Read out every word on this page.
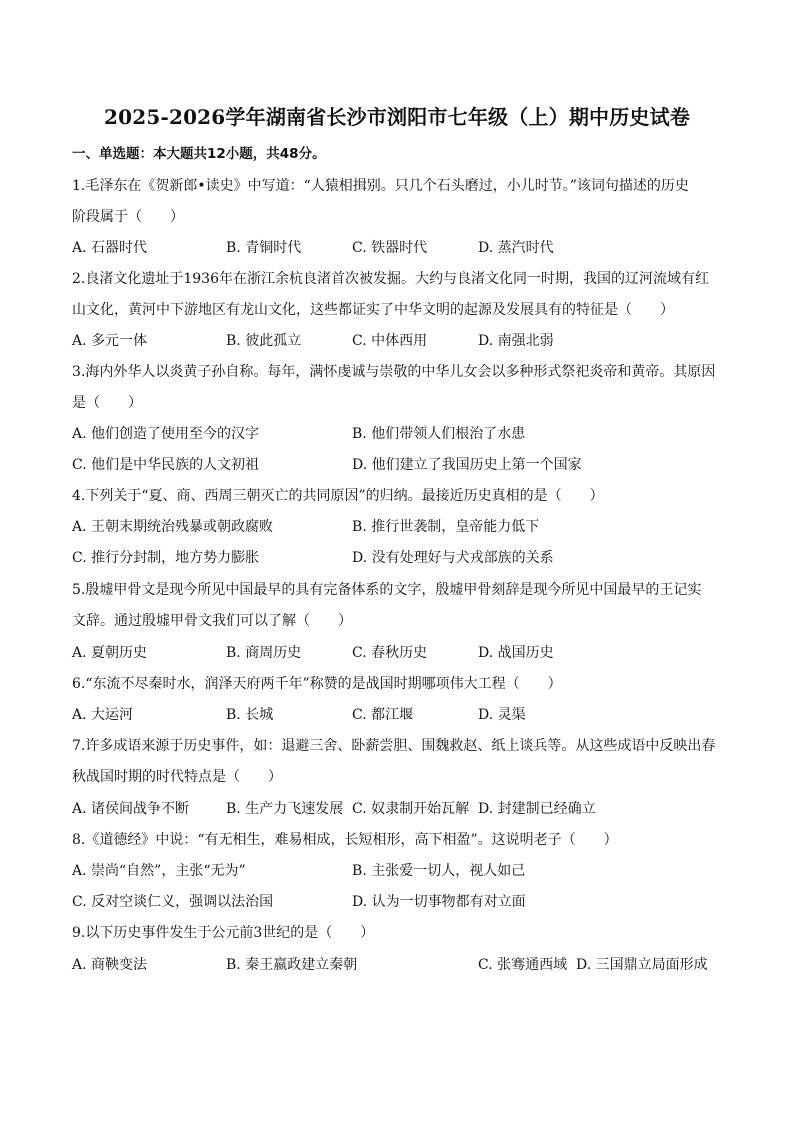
2025-2026学年湖南省长沙市浏阳市七年级（上）期中历史试卷
一、单选题：本大题共12小题，共48分。
1.毛泽东在《贺新郎•读史》中写道：“人猿相揖别。只几个石头磨过，小儿时节。”该词句描述的历史
阶段属于（　　）
A. 石器时代	B. 青铜时代	C. 铁器时代	D. 蒸汽时代
2.良渚文化遗址于1936年在浙江余杭良渚首次被发掘。大约与良渚文化同一时期，我国的辽河流域有红
山文化，黄河中下游地区有龙山文化，这些都证实了中华文明的起源及发展具有的特征是（　　）
A. 多元一体	B. 彼此孤立	C. 中体西用	D. 南强北弱
3.海内外华人以炎黄子孙自称。每年，满怀虔诚与崇敬的中华儿女会以多种形式祭祀炎帝和黄帝。其原因
是（　　）
A. 他们创造了使用至今的汉字	B. 他们带领人们根治了水患
C. 他们是中华民族的人文初祖	D. 他们建立了我国历史上第一个国家
4.下列关于“夏、商、西周三朝灭亡的共同原因”的归纳。最接近历史真相的是（　　）
A. 王朝末期统治残暴或朝政腐败	B. 推行世袭制，皇帝能力低下
C. 推行分封制，地方势力膨胀	D. 没有处理好与犬戎部族的关系
5.殷墟甲骨文是现今所见中国最早的具有完备体系的文字，殷墟甲骨刻辞是现今所见中国最早的王记实
文辞。通过殷墟甲骨文我们可以了解（　　）
A. 夏朝历史	B. 商周历史	C. 春秋历史	D. 战国历史
6.“东流不尽秦时水，润泽天府两千年”称赞的是战国时期哪项伟大工程（　　）
A. 大运河	B. 长城	C. 都江堰	D. 灵渠
7.许多成语来源于历史事件，如：退避三舍、卧薪尝胆、围魏救赵、纸上谈兵等。从这些成语中反映出春
秋战国时期的时代特点是（　　）
A. 诸侯间战争不断	B. 生产力飞速发展 C. 奴隶制开始瓦解 D. 封建制已经确立
8.《道德经》中说：“有无相生，难易相成，长短相形，高下相盈”。这说明老子（　　）
A. 崇尚“自然”，主张“无为”	B. 主张爱一切人，视人如己
C. 反对空谈仁义，强调以法治国	D. 认为一切事物都有对立面
9.以下历史事件发生于公元前3世纪的是（　　）
A. 商鞅变法	B. 秦王嬴政建立秦朝	C. 张骞通西域 D. 三国鼎立局面形成
